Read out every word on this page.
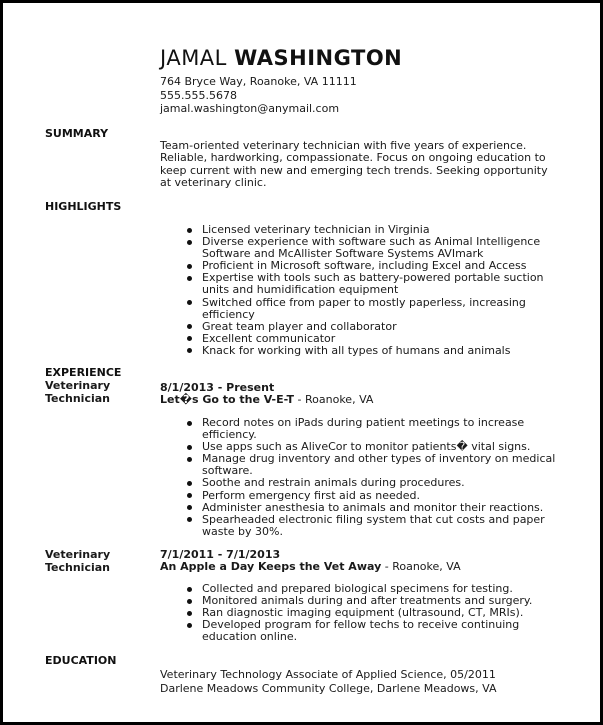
JAMAL WASHINGTON
764 Bryce Way, Roanoke, VA 11111
555.555.5678
jamal.washington@anymail.com
SUMMARY
Team-oriented veterinary technician with five years of experience. Reliable, hardworking, compassionate. Focus on ongoing education to keep current with new and emerging tech trends. Seeking opportunity at veterinary clinic.
HIGHLIGHTS
Licensed veterinary technician in Virginia
Diverse experience with software such as Animal Intelligence Software and McAllister Software Systems AVImark
Proficient in Microsoft software, including Excel and Access
Expertise with tools such as battery-powered portable suction units and humidification equipment
Switched office from paper to mostly paperless, increasing efficiency
Great team player and collaborator
Excellent communicator
Knack for working with all types of humans and animals
EXPERIENCE
Veterinary Technician
8/1/2013 - Present
Let�s Go to the V-E-T - Roanoke, VA
Record notes on iPads during patient meetings to increase efficiency.
Use apps such as AliveCor to monitor patients� vital signs.
Manage drug inventory and other types of inventory on medical software.
Soothe and restrain animals during procedures.
Perform emergency first aid as needed.
Administer anesthesia to animals and monitor their reactions.
Spearheaded electronic filing system that cut costs and paper waste by 30%.
Veterinary Technician
7/1/2011 - 7/1/2013
An Apple a Day Keeps the Vet Away - Roanoke, VA
Collected and prepared biological specimens for testing.
Monitored animals during and after treatments and surgery.
Ran diagnostic imaging equipment (ultrasound, CT, MRIs).
Developed program for fellow techs to receive continuing education online.
EDUCATION
Veterinary Technology Associate of Applied Science, 05/2011
Darlene Meadows Community College, Darlene Meadows, VA
